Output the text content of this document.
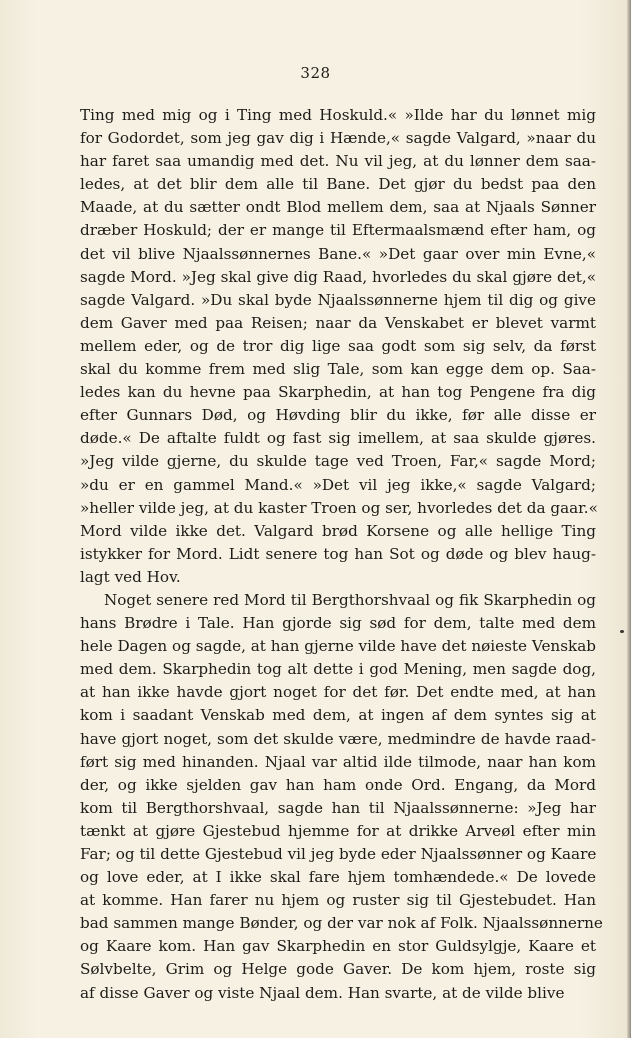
328
Ting med mig og i Ting med Hoskuld.« »Ilde har du lønnet mig
for Godordet, som jeg gav dig i Hænde,« sagde Valgard, »naar du
har faret saa umandig med det. Nu vil jeg, at du lønner dem saa-
ledes, at det blir dem alle til Bane. Det gjør du bedst paa den
Maade, at du sætter ondt Blod mellem dem, saa at Njaals Sønner
dræber Hoskuld; der er mange til Eftermaalsmænd efter ham, og
det vil blive Njaalssønnernes Bane.« »Det gaar over min Evne,«
sagde Mord. »Jeg skal give dig Raad, hvorledes du skal gjøre det,«
sagde Valgard. »Du skal byde Njaalssønnerne hjem til dig og give
dem Gaver med paa Reisen; naar da Venskabet er blevet varmt
mellem eder, og de tror dig lige saa godt som sig selv, da først
skal du komme frem med slig Tale, som kan egge dem op. Saa-
ledes kan du hevne paa Skarphedin, at han tog Pengene fra dig
efter Gunnars Død, og Høvding blir du ikke, før alle disse er
døde.« De aftalte fuldt og fast sig imellem, at saa skulde gjøres.
»Jeg vilde gjerne, du skulde tage ved Troen, Far,« sagde Mord;
»du er en gammel Mand.« »Det vil jeg ikke,« sagde Valgard;
»heller vilde jeg, at du kaster Troen og ser, hvorledes det da gaar.«
Mord vilde ikke det. Valgard brød Korsene og alle hellige Ting
istykker for Mord. Lidt senere tog han Sot og døde og blev haug-
lagt ved Hov.
Noget senere red Mord til Bergthorshvaal og fik Skarphedin og
hans Brødre i Tale. Han gjorde sig sød for dem, talte med dem
hele Dagen og sagde, at han gjerne vilde have det nøieste Venskab
med dem. Skarphedin tog alt dette i god Mening, men sagde dog,
at han ikke havde gjort noget for det før. Det endte med, at han
kom i saadant Venskab med dem, at ingen af dem syntes sig at
have gjort noget, som det skulde være, medmindre de havde raad-
ført sig med hinanden. Njaal var altid ilde tilmode, naar han kom
der, og ikke sjelden gav han ham onde Ord. Engang, da Mord
kom til Bergthorshvaal, sagde han til Njaalssønnerne: »Jeg har
tænkt at gjøre Gjestebud hjemme for at drikke Arveøl efter min
Far; og til dette Gjestebud vil jeg byde eder Njaalssønner og Kaare
og love eder, at I ikke skal fare hjem tomhændede.« De lovede
at komme. Han farer nu hjem og ruster sig til Gjestebudet. Han
bad sammen mange Bønder, og der var nok af Folk. Njaalssønnerne
og Kaare kom. Han gav Skarphedin en stor Guldsylgje, Kaare et
Sølvbelte, Grim og Helge gode Gaver. De kom hjem, roste sig
af disse Gaver og viste Njaal dem. Han svarte, at de vilde blive
